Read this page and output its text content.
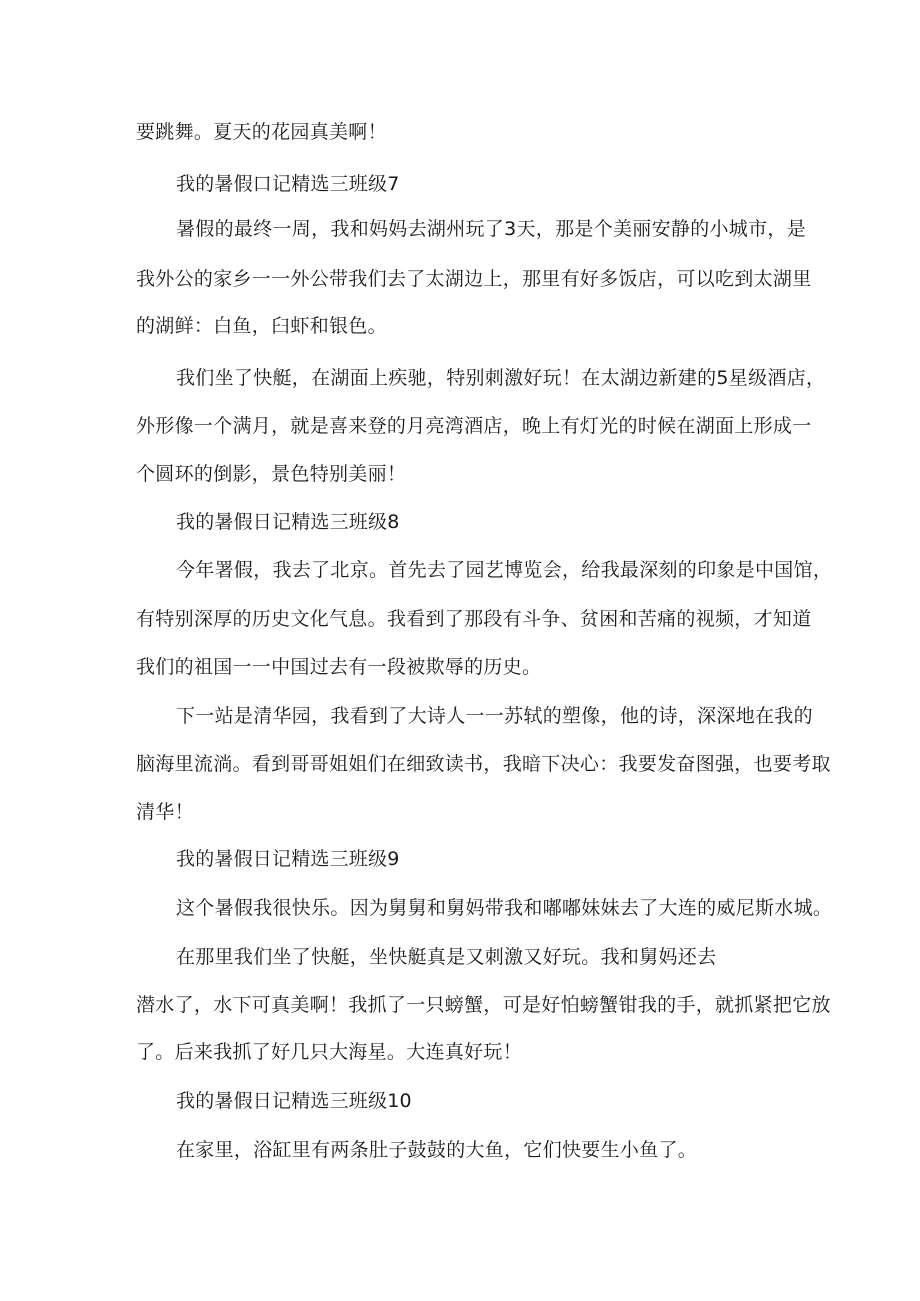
要跳舞。夏天的花园真美啊！
我的暑假口记精选三班级7
暑假的最终一周，我和妈妈去湖州玩了3天，那是个美丽安静的小城市，是
我外公的家乡一一外公带我们去了太湖边上，那里有好多饭店，可以吃到太湖里
的湖鲜：白鱼，臼虾和银色。
我们坐了快艇，在湖面上疾驰，特别刺激好玩！在太湖边新建的5星级酒店，
外形像一个满月，就是喜来登的月亮湾酒店，晚上有灯光的时候在湖面上形成一
个圆环的倒影，景色特别美丽！
我的暑假日记精选三班级8
今年署假，我去了北京。首先去了园艺博览会，给我最深刻的印象是中国馆，
有特别深厚的历史文化气息。我看到了那段有斗争、贫困和苦痛的视频，才知道
我们的祖国一一中国过去有一段被欺辱的历史。
下一站是清华园，我看到了大诗人一一苏轼的塑像，他的诗，深深地在我的
脑海里流淌。看到哥哥姐姐们在细致读书，我暗下决心：我要发奋图强，也要考取
清华！
我的暑假日记精选三班级9
这个暑假我很快乐。因为舅舅和舅妈带我和嘟嘟妹妹去了大连的威尼斯水城。
在那里我们坐了快艇，坐快艇真是又刺激又好玩。我和舅妈还去
潜水了，水下可真美啊！我抓了一只螃蟹，可是好怕螃蟹钳我的手，就抓紧把它放
了。后来我抓了好几只大海星。大连真好玩！
我的暑假日记精选三班级10
在家里，浴缸里有两条肚子鼓鼓的大鱼，它们快要生小鱼了。
